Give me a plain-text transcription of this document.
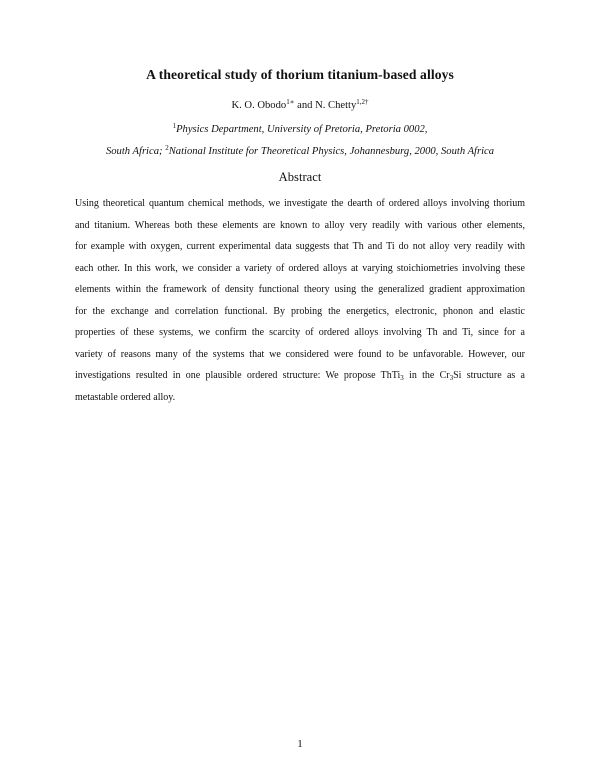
A theoretical study of thorium titanium-based alloys
K. O. Obodo$^{1∗}$ and N. Chetty$^{1,2\dagger}$
$^1$Physics Department, University of Pretoria, Pretoria 0002,
South Africa; $^2$National Institute for Theoretical Physics, Johannesburg, 2000, South Africa
Abstract
Using theoretical quantum chemical methods, we investigate the dearth of ordered alloys involving thorium
and titanium. Whereas both these elements are known to alloy very readily with various other elements,
for example with oxygen, current experimental data suggests that Th and Ti do not alloy very readily with
each other. In this work, we consider a variety of ordered alloys at varying stoichiometries involving these
elements within the framework of density functional theory using the generalized gradient approximation
for the exchange and correlation functional. By probing the energetics, electronic, phonon and elastic
properties of these systems, we confirm the scarcity of ordered alloys involving Th and Ti, since for a
variety of reasons many of the systems that we considered were found to be unfavorable. However, our
investigations resulted in one plausible ordered structure: We propose ThTi$_3$ in the $Cr_3Si$ structure as a
metastable ordered alloy.
1
